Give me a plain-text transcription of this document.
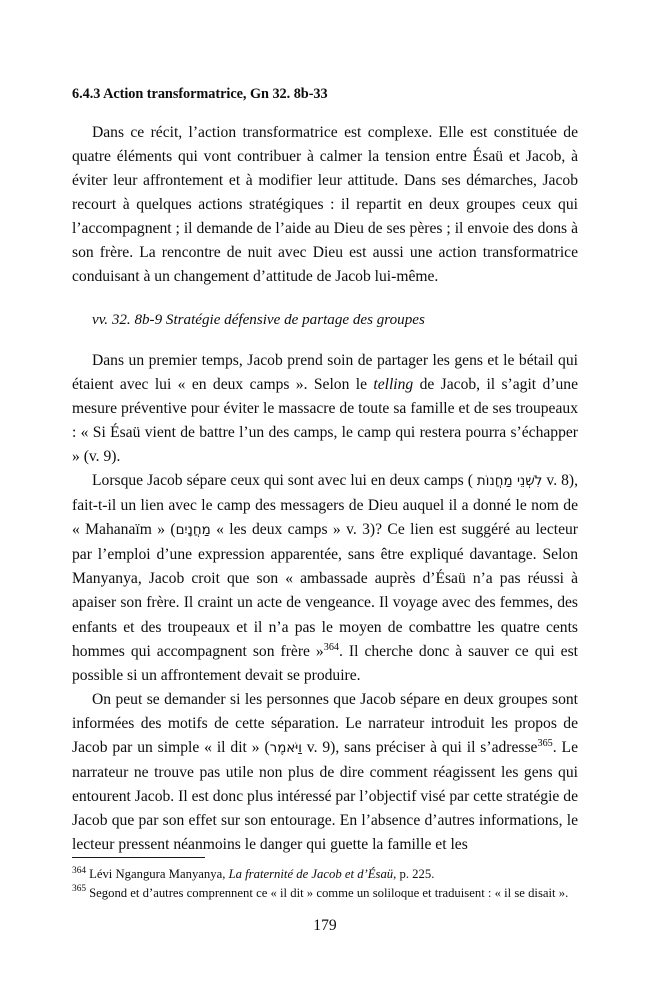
6.4.3 Action transformatrice, Gn 32. 8b-33

Dans ce récit, l’action transformatrice est complexe. Elle est constituée de quatre éléments qui vont contribuer à calmer la tension entre Ésaü et Jacob, à éviter leur affrontement et à modifier leur attitude. Dans ses démarches, Jacob recourt à quelques actions stratégiques : il repartit en deux groupes ceux qui l’accompagnent ; il demande de l’aide au Dieu de ses pères ; il envoie des dons à son frère. La rencontre de nuit avec Dieu est aussi une action transformatrice conduisant à un changement d’attitude de Jacob lui-même.

vv. 32. 8b-9 Stratégie défensive de partage des groupes

Dans un premier temps, Jacob prend soin de partager les gens et le bétail qui étaient avec lui « en deux camps ». Selon le telling de Jacob, il s’agit d’une mesure préventive pour éviter le massacre de toute sa famille et de ses troupeaux : « Si Ésaü vient de battre l’un des camps, le camp qui restera pourra s’échapper » (v. 9).

Lorsque Jacob sépare ceux qui sont avec lui en deux camps ( לִשְׁנֵי מַחֲנוֹת v. 8), fait-t-il un lien avec le camp des messagers de Dieu auquel il a donné le nom de « Mahanaïm » (מַחֲנָיִם « les deux camps » v. 3)? Ce lien est suggéré au lecteur par l’emploi d’une expression apparentée, sans être expliqué davantage. Selon Manyanya, Jacob croit que son « ambassade auprès d’Ésaü n’a pas réussi à apaiser son frère. Il craint un acte de vengeance. Il voyage avec des femmes, des enfants et des troupeaux et il n’a pas le moyen de combattre les quatre cents hommes qui accompagnent son frère »$^{364}$. Il cherche donc à sauver ce qui est possible si un affrontement devait se produire.

On peut se demander si les personnes que Jacob sépare en deux groupes sont informées des motifs de cette séparation. Le narrateur introduit les propos de Jacob par un simple « il dit » (וַיֹּאמֶר v. 9), sans préciser à qui il s’adresse$^{365}$. Le narrateur ne trouve pas utile non plus de dire comment réagissent les gens qui entourent Jacob. Il est donc plus intéressé par l’objectif visé par cette stratégie de Jacob que par son effet sur son entourage. En l’absence d’autres informations, le lecteur pressent néanmoins le danger qui guette la famille et les

$^{364}$ Lévi Ngangura Manyanya, La fraternité de Jacob et d’Ésaü, p. 225.

$^{365}$ Segond et d’autres comprennent ce « il dit » comme un soliloque et traduisent : « il se disait ».

179
